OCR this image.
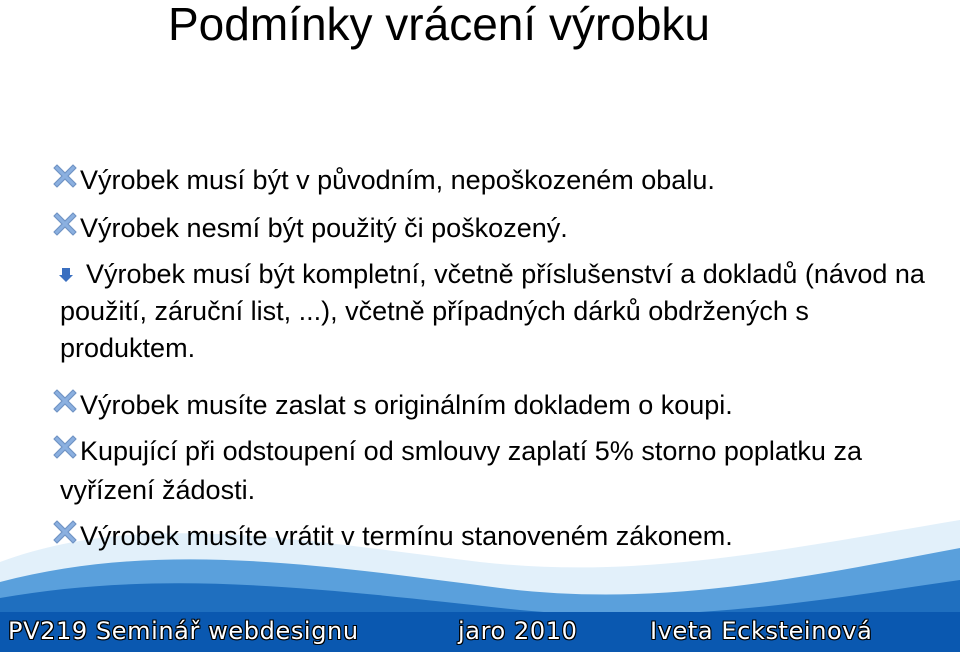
Podmínky vrácení výrobku
Výrobek musí být v původním, nepoškozeném obalu.
Výrobek nesmí být použitý či poškozený.
Výrobek musí být kompletní, včetně příslušenství a dokladů (návod na použití, záruční list, ...), včetně případných dárků obdržených s produktem.
Výrobek musíte zaslat s originálním dokladem o koupi.
Kupující při odstoupení od smlouvy zaplatí 5% storno poplatku za vyřízení žádosti.
Výrobek musíte vrátit v termínu stanoveném zákonem.
PV219 Seminář webdesignu	jaro 2010	Iveta Ecksteinová
